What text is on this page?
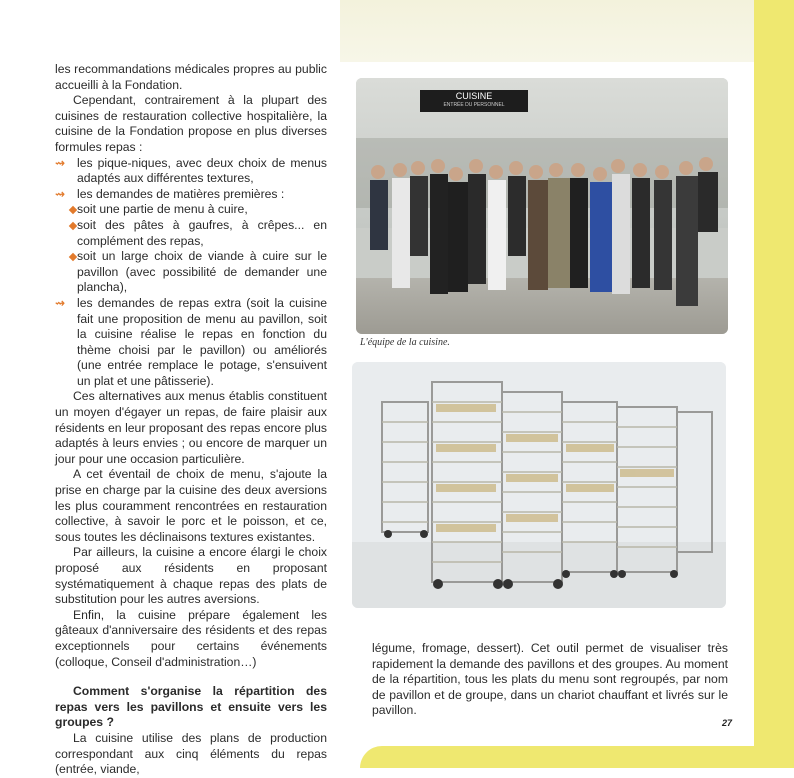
les recommandations médicales propres au public accueilli à la Fondation.

Cependant, contrairement à la plupart des cuisines de restauration collective hospitalière, la cuisine de la Fondation propose en plus diverses formules repas :

⇝ les pique-niques, avec deux choix de menus adaptés aux différentes textures,
⇝ les demandes de matières premières :
soit une partie de menu à cuire,
soit des pâtes à gaufres, à crêpes... en complément des repas,
soit un large choix de viande à cuire sur le pavillon (avec possibilité de demander une plancha),
⇝ les demandes de repas extra (soit la cuisine fait une proposition de menu au pavillon, soit la cuisine réalise le repas en fonction du thème choisi par le pavillon) ou améliorés (une entrée remplace le potage, s'ensuivent un plat et une pâtisserie).

Ces alternatives aux menus établis constituent un moyen d'égayer un repas, de faire plaisir aux résidents en leur proposant des repas encore plus adaptés à leurs envies ; ou encore de marquer un jour pour une occasion particulière.

A cet éventail de choix de menu, s'ajoute la prise en charge par la cuisine des deux aversions les plus couramment rencontrées en restauration collective, à savoir le porc et le poisson, et ce, sous toutes les déclinaisons textures existantes.

Par ailleurs, la cuisine a encore élargi le choix proposé aux résidents en proposant systématiquement à chaque repas des plats de substitution pour les autres aversions.

Enfin, la cuisine prépare également les gâteaux d'anniversaire des résidents et des repas exceptionnels pour certains événements (colloque, Conseil d'administration…)

Comment s'organise la répartition des repas vers les pavillons et ensuite vers les groupes ?

La cuisine utilise des plans de production correspondant aux cinq éléments du repas (entrée, viande,

CUISINE
ENTRÉE DU PERSONNEL
L'équipe de la cuisine.
légume, fromage, dessert). Cet outil permet de visualiser très rapidement la demande des pavillons et des groupes. Au moment de la répartition, tous les plats du menu sont regroupés, par nom de pavillon et de groupe, dans un chariot chauffant et livrés sur le pavillon.
27
